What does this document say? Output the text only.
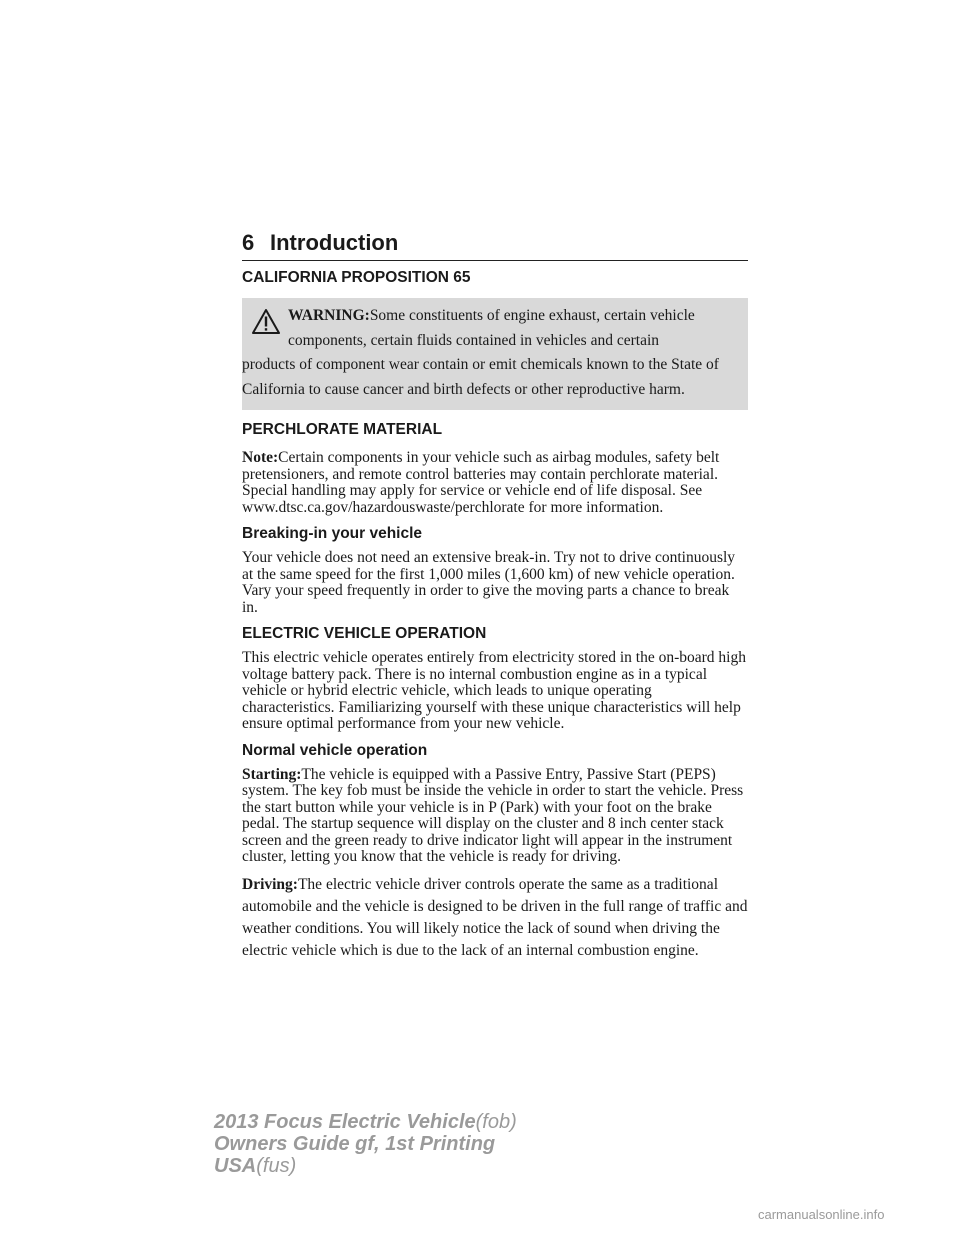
6 Introduction
CALIFORNIA PROPOSITION 65
WARNING:Some constituents of engine exhaust, certain vehicle components, certain fluids contained in vehicles and certain
products of component wear contain or emit chemicals known to the State of California to cause cancer and birth defects or other reproductive harm.
PERCHLORATE MATERIAL

Note:Certain components in your vehicle such as airbag modules, safety belt pretensioners, and remote control batteries may contain perchlorate material. Special handling may apply for service or vehicle end of life disposal. See www.dtsc.ca.gov/hazardouswaste/perchlorate for more information.

Breaking-in your vehicle

Your vehicle does not need an extensive break-in. Try not to drive continuously at the same speed for the first 1,000 miles (1,600 km) of new vehicle operation. Vary your speed frequently in order to give the moving parts a chance to break in.

ELECTRIC VEHICLE OPERATION

This electric vehicle operates entirely from electricity stored in the on-board high voltage battery pack. There is no internal combustion engine as in a typical vehicle or hybrid electric vehicle, which leads to unique operating characteristics. Familiarizing yourself with these unique characteristics will help ensure optimal performance from your new vehicle.

Normal vehicle operation

Starting:The vehicle is equipped with a Passive Entry, Passive Start (PEPS) system. The key fob must be inside the vehicle in order to start the vehicle. Press the start button while your vehicle is in P (Park) with your foot on the brake pedal. The startup sequence will display on the cluster and 8 inch center stack screen and the green ready to drive indicator light will appear in the instrument cluster, letting you know that the vehicle is ready for driving.

Driving:The electric vehicle driver controls operate the same as a traditional automobile and the vehicle is designed to be driven in the full range of traffic and weather conditions. You will likely notice the lack of sound when driving the electric vehicle which is due to the lack of an internal combustion engine.

2013 Focus Electric Vehicle(fob)
Owners Guide gf, 1st Printing
USA(fus)
carmanualsonline.info
